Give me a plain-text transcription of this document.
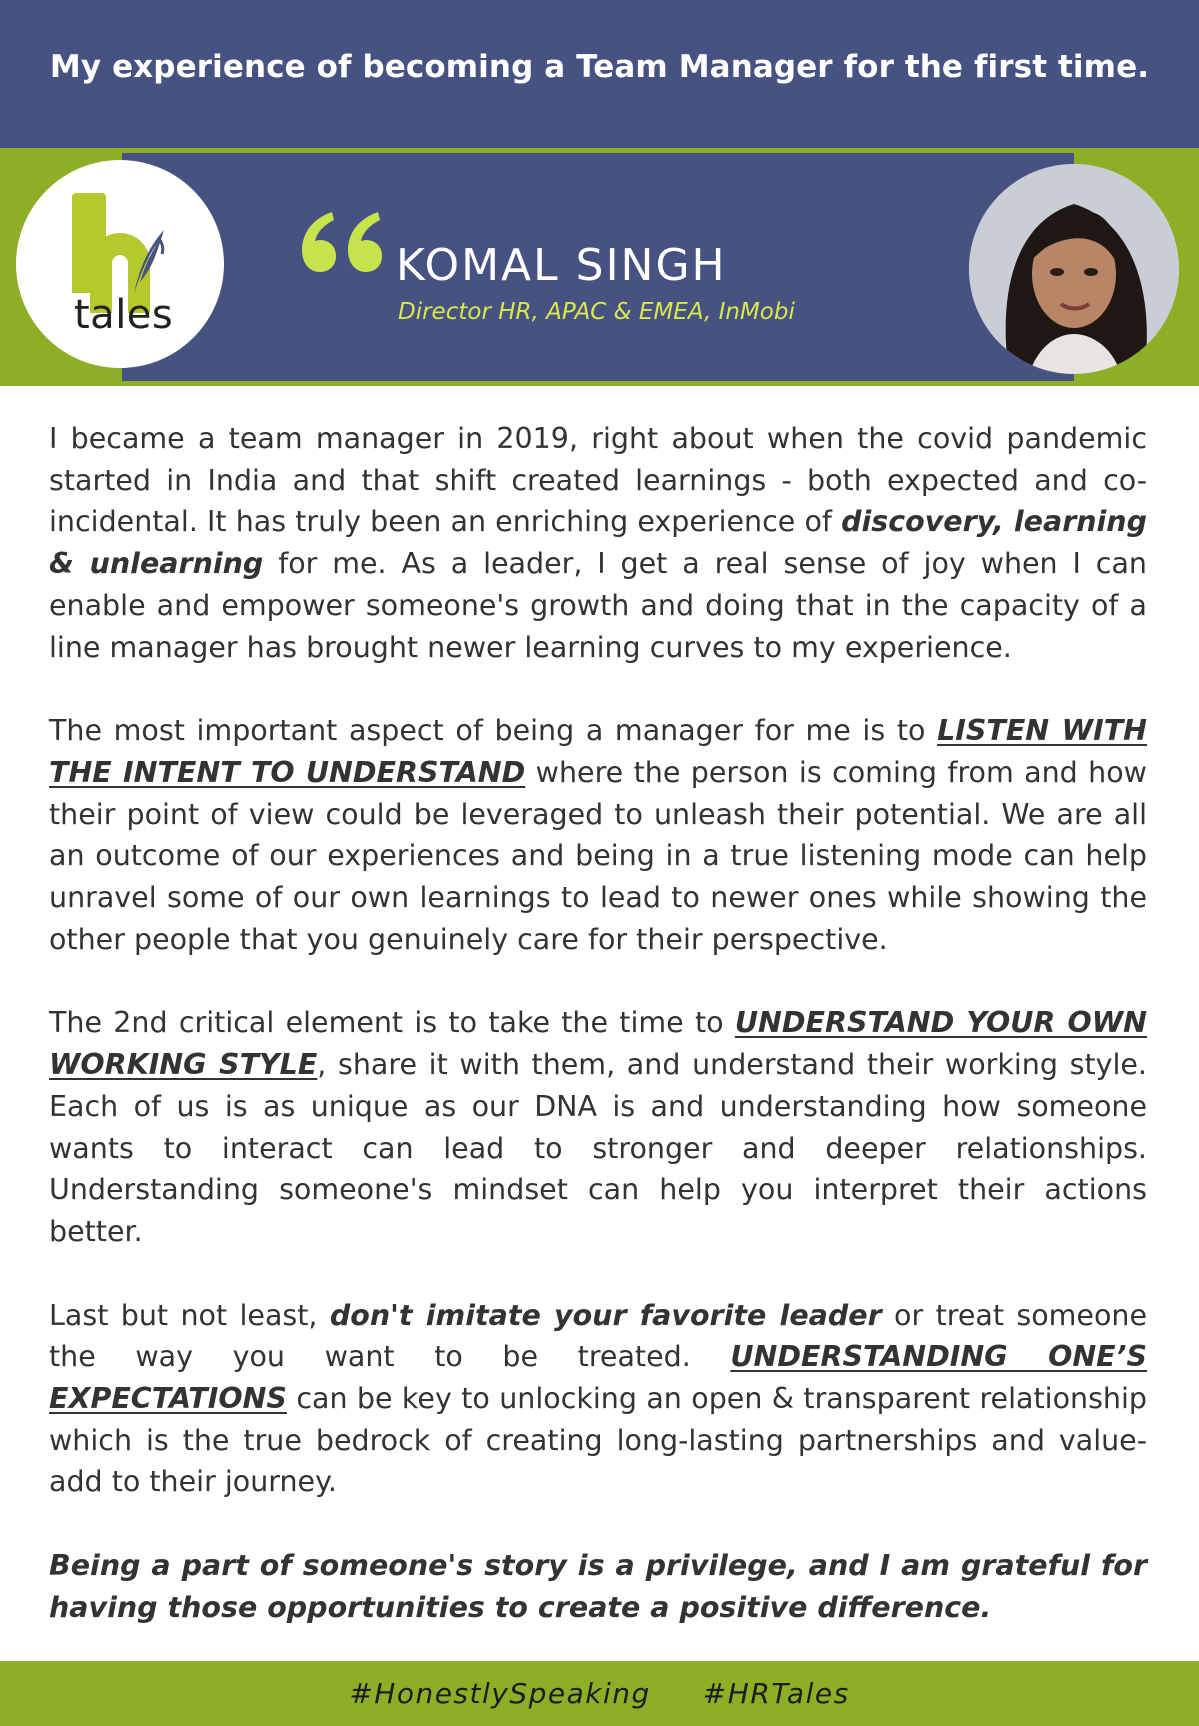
My experience of becoming a Team Manager for the first time.
tales
KOMAL SINGH
Director HR, APAC & EMEA, InMobi

I became a team manager in 2019, right about when the covid pandemic started in India and that shift created learnings - both expected and co-incidental. It has truly been an enriching experience of discovery, learning & unlearning for me. As a leader, I get a real sense of joy when I can enable and empower someone's growth and doing that in the capacity of a line manager has brought newer learning curves to my experience.

The most important aspect of being a manager for me is to LISTEN WITH THE INTENT TO UNDERSTAND where the person is coming from and how their point of view could be leveraged to unleash their potential. We are all an outcome of our experiences and being in a true listening mode can help unravel some of our own learnings to lead to newer ones while showing the other people that you genuinely care for their perspective.

The 2nd critical element is to take the time to UNDERSTAND YOUR OWN WORKING STYLE, share it with them, and understand their working style. Each of us is as unique as our DNA is and understanding how someone wants to interact can lead to stronger and deeper relationships. Understanding someone's mindset can help you interpret their actions better.

Last but not least, don't imitate your favorite leader or treat someone the way you want to be treated. UNDERSTANDING ONE’S EXPECTATIONS can be key to unlocking an open & transparent relationship which is the true bedrock of creating long-lasting partnerships and value-add to their journey.

Being a part of someone's story is a privilege, and I am grateful for having those opportunities to create a positive difference.

#HonestlySpeaking #HRTales
